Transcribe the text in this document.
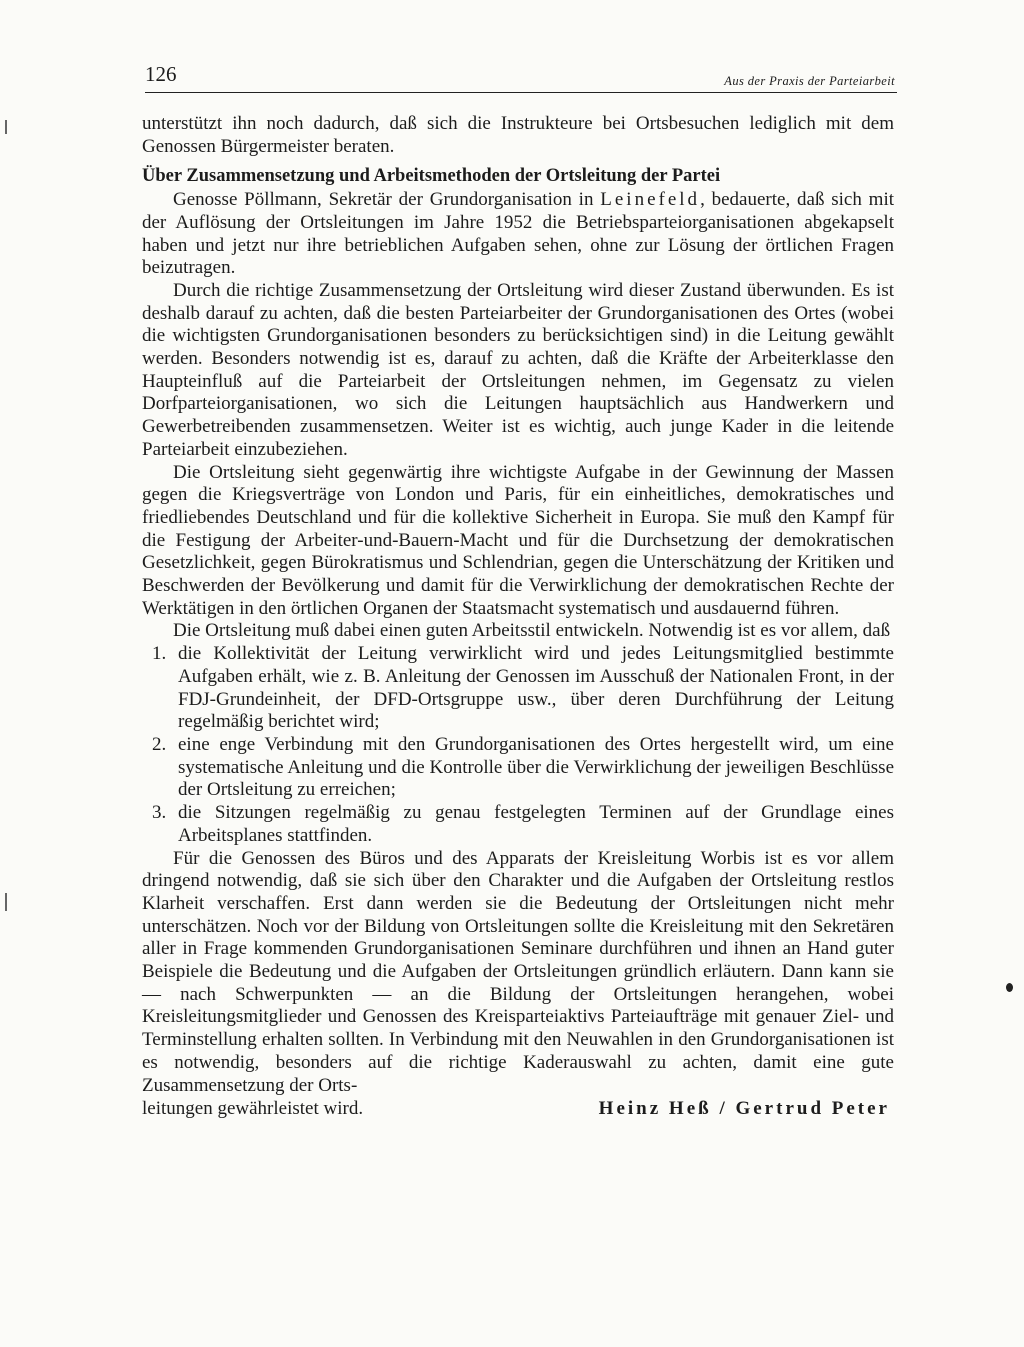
126	Aus der Praxis der Parteiarbeit

unterstützt ihn noch dadurch, daß sich die Instrukteure bei Ortsbesuchen lediglich mit dem Genossen Bürgermeister beraten.

Über Zusammensetzung und Arbeitsmethoden der Ortsleitung der Partei

Genosse Pöllmann, Sekretär der Grundorganisation in Leinefeld, bedauerte, daß sich mit der Auflösung der Ortsleitungen im Jahre 1952 die Betriebsparteiorganisationen abgekapselt haben und jetzt nur ihre betrieblichen Aufgaben sehen, ohne zur Lösung der örtlichen Fragen beizutragen.

Durch die richtige Zusammensetzung der Ortsleitung wird dieser Zustand überwunden. Es ist deshalb darauf zu achten, daß die besten Parteiarbeiter der Grundorganisationen des Ortes (wobei die wichtigsten Grundorganisationen besonders zu berücksichtigen sind) in die Leitung gewählt werden. Besonders notwendig ist es, darauf zu achten, daß die Kräfte der Arbeiterklasse den Haupteinfluß auf die Parteiarbeit der Ortsleitungen nehmen, im Gegensatz zu vielen Dorfparteiorganisationen, wo sich die Leitungen hauptsächlich aus Handwerkern und Gewerbetreibenden zusammensetzen. Weiter ist es wichtig, auch junge Kader in die leitende Parteiarbeit einzubeziehen.

Die Ortsleitung sieht gegenwärtig ihre wichtigste Aufgabe in der Gewinnung der Massen gegen die Kriegsverträge von London und Paris, für ein einheitliches, demokratisches und friedliebendes Deutschland und für die kollektive Sicherheit in Europa. Sie muß den Kampf für die Festigung der Arbeiter-und-Bauern-Macht und für die Durchsetzung der demokratischen Gesetzlichkeit, gegen Bürokratismus und Schlendrian, gegen die Unterschätzung der Kritiken und Beschwerden der Bevölkerung und damit für die Verwirklichung der demokratischen Rechte der Werktätigen in den örtlichen Organen der Staatsmacht systematisch und ausdauernd führen.

Die Ortsleitung muß dabei einen guten Arbeitsstil entwickeln. Notwendig ist es vor allem, daß

1. die Kollektivität der Leitung verwirklicht wird und jedes Leitungsmitglied bestimmte Aufgaben erhält, wie z. B. Anleitung der Genossen im Ausschuß der Nationalen Front, in der FDJ-Grundeinheit, der DFD-Ortsgruppe usw., über deren Durchführung der Leitung regelmäßig berichtet wird;
2. eine enge Verbindung mit den Grundorganisationen des Ortes hergestellt wird, um eine systematische Anleitung und die Kontrolle über die Verwirklichung der jeweiligen Beschlüsse der Ortsleitung zu erreichen;
3. die Sitzungen regelmäßig zu genau festgelegten Terminen auf der Grundlage eines Arbeitsplanes stattfinden.

Für die Genossen des Büros und des Apparats der Kreisleitung Worbis ist es vor allem dringend notwendig, daß sie sich über den Charakter und die Aufgaben der Ortsleitung restlos Klarheit verschaffen. Erst dann werden sie die Bedeutung der Ortsleitungen nicht mehr unterschätzen. Noch vor der Bildung von Ortsleitungen sollte die Kreisleitung mit den Sekretären aller in Frage kommenden Grundorganisationen Seminare durchführen und ihnen an Hand guter Beispiele die Bedeutung und die Aufgaben der Ortsleitungen gründlich erläutern. Dann kann sie — nach Schwerpunkten — an die Bildung der Ortsleitungen herangehen, wobei Kreisleitungsmitglieder und Genossen des Kreisparteiaktivs Parteiaufträge mit genauer Ziel- und Terminstellung erhalten sollten. In Verbindung mit den Neuwahlen in den Grundorganisationen ist es notwendig, besonders auf die richtige Kaderauswahl zu achten, damit eine gute Zusammensetzung der Orts-

leitungen gewährleistet wird.	Heinz Heß / Gertrud Peter
